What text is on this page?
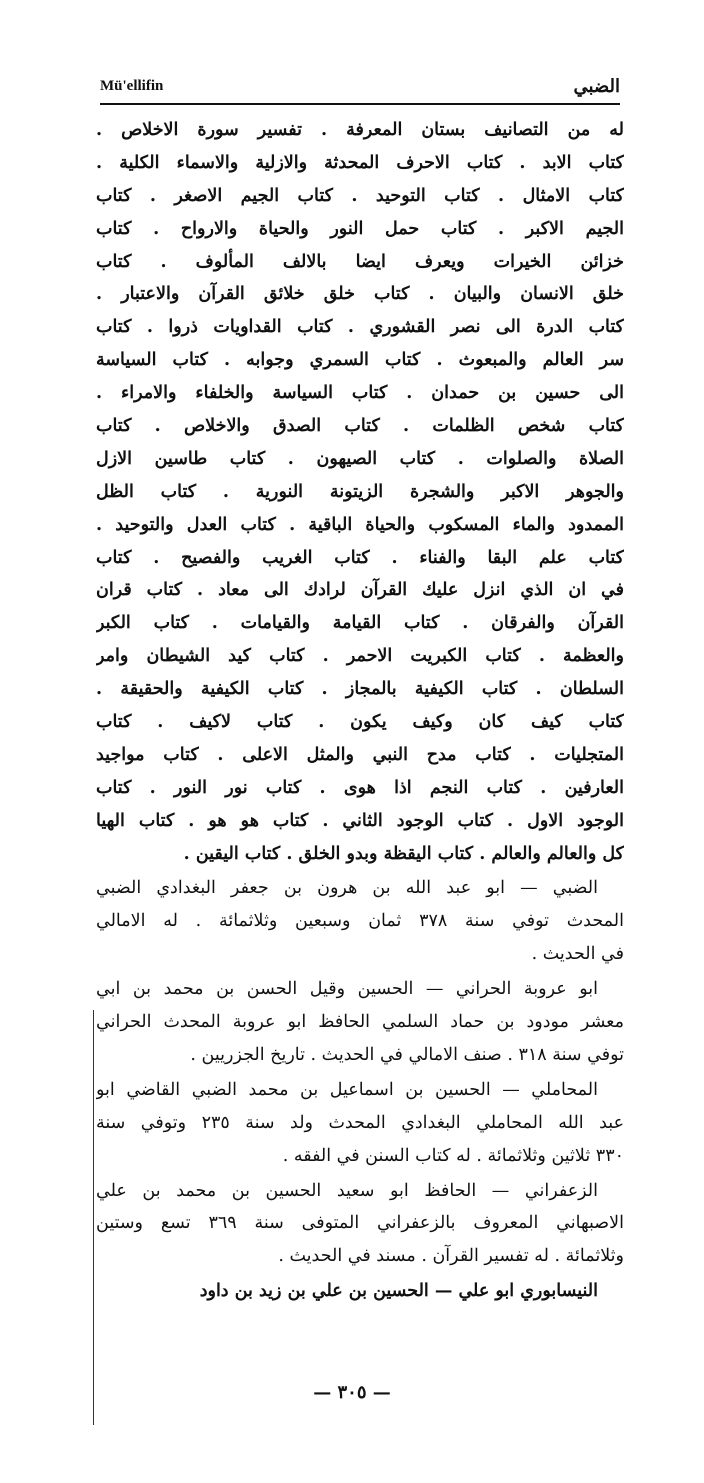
Mü'ellifin	الضبي
له من التصانيف بستان المعرفة . تفسير سورة الاخلاص .
كتاب الابد . كتاب الاحرف المحدثة والازلية والاسماء الكلية .
كتاب الامثال . كتاب التوحيد . كتاب الجيم الاصغر . كتاب
الجيم الاكبر . كتاب حمل النور والحياة والارواح . كتاب
خزائن الخيرات ويعرف ايضا بالالف المألوف . كتاب
خلق الانسان والبيان . كتاب خلق خلائق القرآن والاعتبار .
كتاب الدرة الى نصر القشوري . كتاب القداويات ذروا . كتاب
سر العالم والمبعوث . كتاب السمري وجوابه . كتاب السياسة
الى حسين بن حمدان . كتاب السياسة والخلفاء والامراء .
كتاب شخص الظلمات . كتاب الصدق والاخلاص . كتاب
الصلاة والصلوات . كتاب الصيهون . كتاب طاسين الازل
والجوهر الاكبر والشجرة الزيتونة النورية . كتاب الظل
الممدود والماء المسكوب والحياة الباقية . كتاب العدل والتوحيد .
كتاب علم البقا والفناء . كتاب الغريب والفصيح . كتاب
في ان الذي انزل عليك القرآن لرادك الى معاد . كتاب قران
القرآن والفرقان . كتاب القيامة والقيامات . كتاب الكبر
والعظمة . كتاب الكبريت الاحمر . كتاب كيد الشيطان وامر
السلطان . كتاب الكيفية بالمجاز . كتاب الكيفية والحقيقة .
كتاب كيف كان وكيف يكون . كتاب لاكيف . كتاب
المتجليات . كتاب مدح النبي والمثل الاعلى . كتاب مواجيد
العارفين . كتاب النجم اذا هوى . كتاب نور النور . كتاب
الوجود الاول . كتاب الوجود الثاني . كتاب هو هو . كتاب الهيا
كل والعالم والعالم . كتاب اليقظة وبدو الخلق . كتاب اليقين .
الضبي — ابو عبد الله بن هرون بن جعفر البغدادي الضبي
المحدث توفي سنة ٣٧٨ ثمان وسبعين وثلاثمائة . له الامالي
في الحديث .
ابو عروبة الحراني — الحسين وقيل الحسن بن محمد بن ابي
معشر مودود بن حماد السلمي الحافظ ابو عروبة المحدث الحراني
توفي سنة ٣١٨ . صنف الامالي في الحديث . تاريخ الجزريين .
المحاملي — الحسين بن اسماعيل بن محمد الضبي القاضي ابو
عبد الله المحاملي البغدادي المحدث ولد سنة ٢٣٥ وتوفي سنة
٣٣٠ ثلاثين وثلاثمائة . له كتاب السنن في الفقه .
الزعفراني — الحافظ ابو سعيد الحسين بن محمد بن علي
الاصبهاني المعروف بالزعفراني المتوفى سنة ٣٦٩ تسع وستين
وثلاثمائة . له تفسير القرآن . مسند في الحديث .
النيسابوري ابو علي — الحسين بن علي بن زيد بن داود
— ٣٠٥ —
